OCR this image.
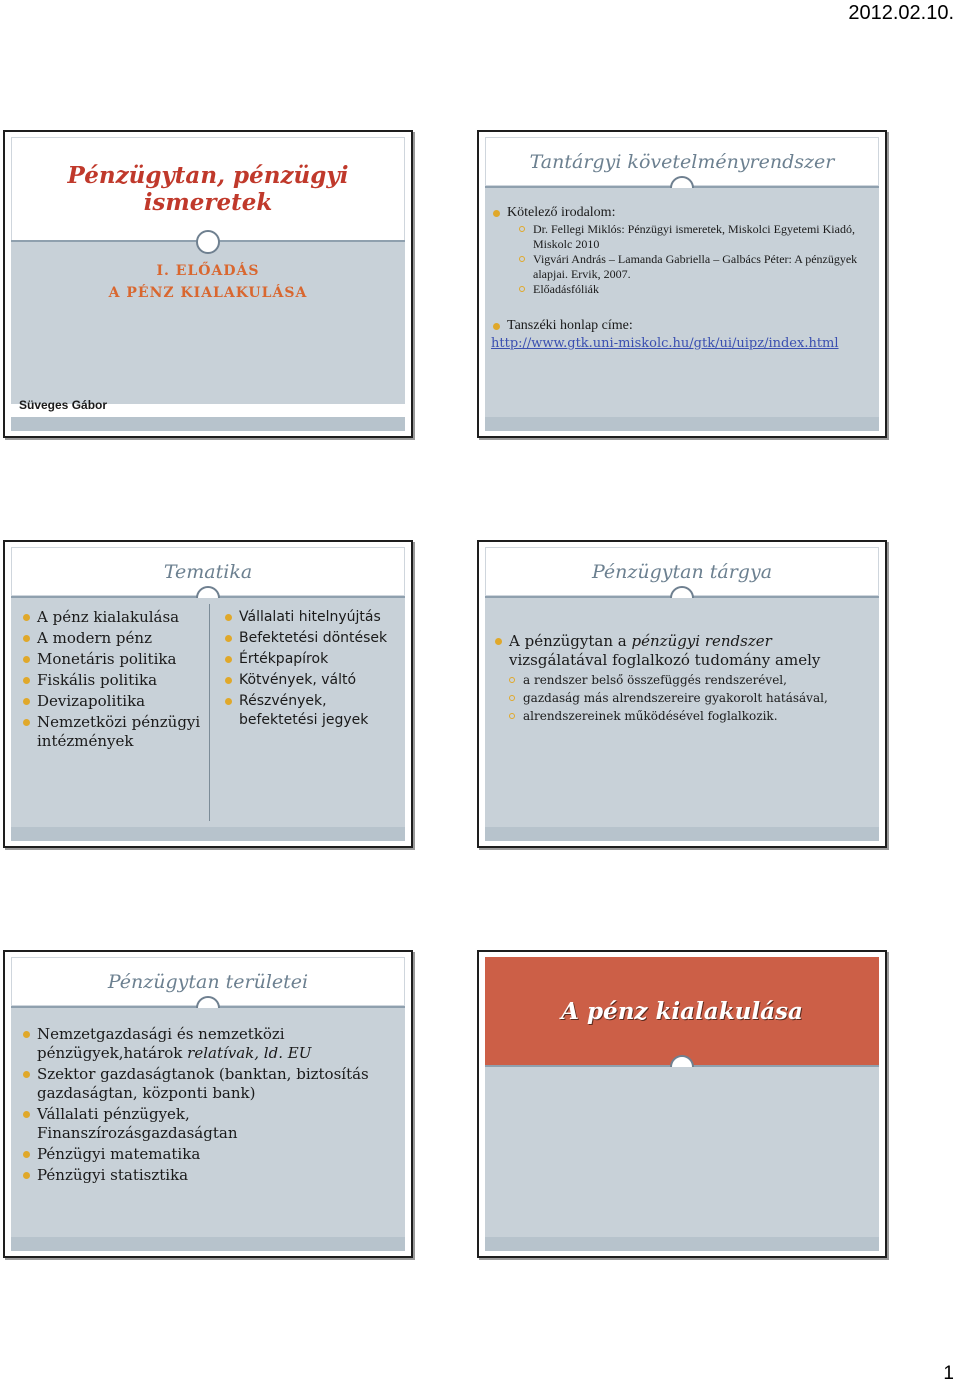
2012.02.10.
Pénzügytan, pénzügyi ismeretek
I. ELŐADÁS
A PÉNZ KIALAKULÁSA
Süveges Gábor
Tantárgyi követelményrendszer
Kötelező irodalom:
Dr. Fellegi Miklós: Pénzügyi ismeretek, Miskolci Egyetemi Kiadó, Miskolc 2010
Vigvári András – Lamanda Gabriella – Galbács Péter: A pénzügyek alapjai. Ervik, 2007.
Előadásfóliák
Tanszéki honlap címe:
http://www.gtk.uni-miskolc.hu/gtk/ui/uipz/index.html
Tematika
A pénz kialakulása
A modern pénz
Monetáris politika
Fiskális politika
Devizapolitika
Nemzetközi pénzügyi intézmények
Vállalati hitelnyújtás
Befektetési döntések
Értékpapírok
Kötvények, váltó
Részvények, befektetési jegyek
Pénzügytan tárgya
A pénzügytan a pénzügyi rendszer vizsgálatával foglalkozó tudomány amely
a rendszer belső összefüggés rendszerével,
gazdaság más alrendszereire gyakorolt hatásával,
alrendszereinek működésével foglalkozik.
Pénzügytan területei
Nemzetgazdasági és nemzetközi pénzügyek,határok relatívak, ld. EU
Szektor gazdaságtanok (banktan, biztosítás gazdaságtan, központi bank)
Vállalati pénzügyek, Finanszírozásgazdaságtan
Pénzügyi matematika
Pénzügyi statisztika
A pénz kialakulása
1
